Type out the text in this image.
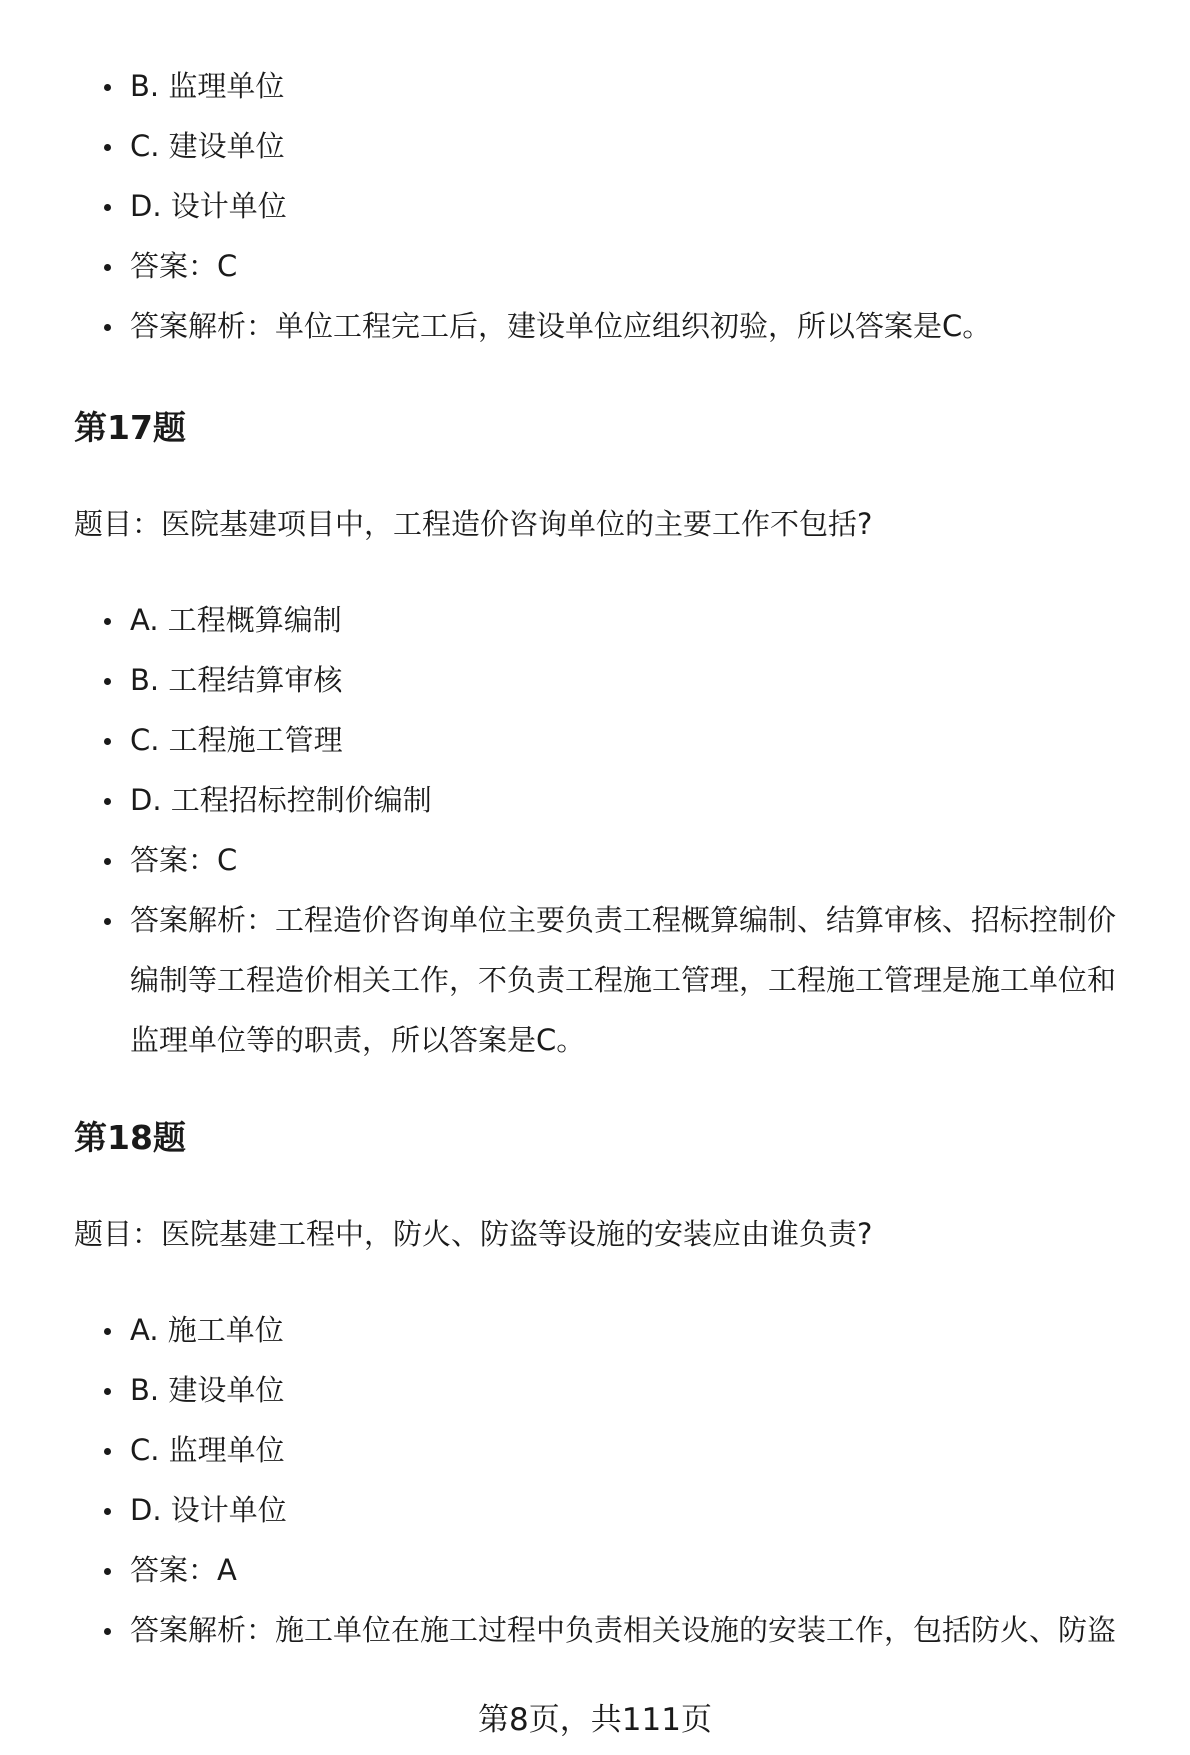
B. 监理单位
C. 建设单位
D. 设计单位
答案：C
答案解析：单位工程完工后，建设单位应组织初验，所以答案是C。
第17题
题目：医院基建项目中，工程造价咨询单位的主要工作不包括?
A. 工程概算编制
B. 工程结算审核
C. 工程施工管理
D. 工程招标控制价编制
答案：C
答案解析：工程造价咨询单位主要负责工程概算编制、结算审核、招标控制价
编制等工程造价相关工作，不负责工程施工管理，工程施工管理是施工单位和
监理单位等的职责，所以答案是C。
第18题
题目：医院基建工程中，防火、防盗等设施的安装应由谁负责?
A. 施工单位
B. 建设单位
C. 监理单位
D. 设计单位
答案：A
答案解析：施工单位在施工过程中负责相关设施的安装工作，包括防火、防盗
第8页，共111页
